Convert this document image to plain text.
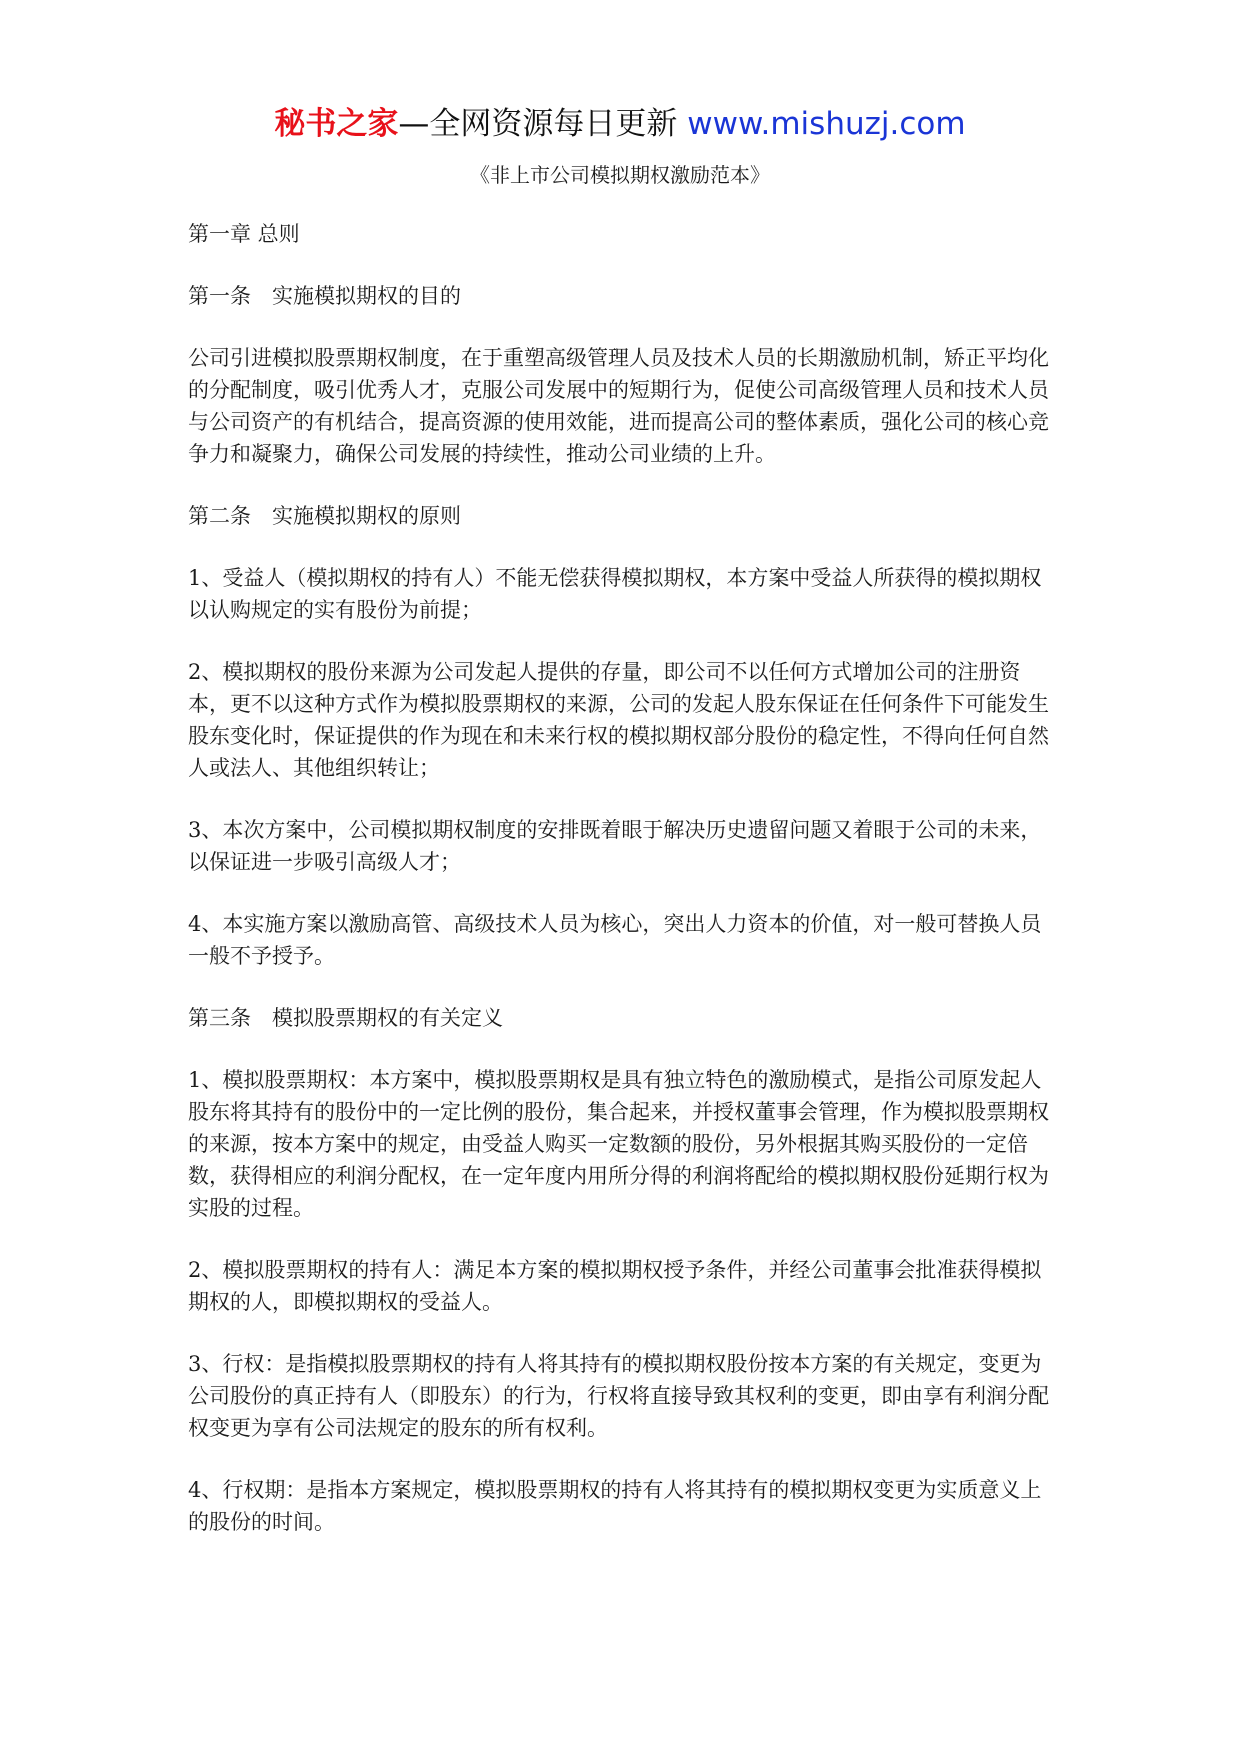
秘书之家—全网资源每日更新 www.mishuzj.com
《非上市公司模拟期权激励范本》

第一章 总则

第一条　实施模拟期权的目的

公司引进模拟股票期权制度，在于重塑高级管理人员及技术人员的长期激励机制，矫正平均化的分配制度，吸引优秀人才，克服公司发展中的短期行为，促使公司高级管理人员和技术人员与公司资产的有机结合，提高资源的使用效能，进而提高公司的整体素质，强化公司的核心竞争力和凝聚力，确保公司发展的持续性，推动公司业绩的上升。

第二条　实施模拟期权的原则

1、受益人（模拟期权的持有人）不能无偿获得模拟期权，本方案中受益人所获得的模拟期权以认购规定的实有股份为前提；

2、模拟期权的股份来源为公司发起人提供的存量，即公司不以任何方式增加公司的注册资本，更不以这种方式作为模拟股票期权的来源，公司的发起人股东保证在任何条件下可能发生股东变化时，保证提供的作为现在和未来行权的模拟期权部分股份的稳定性，不得向任何自然人或法人、其他组织转让；

3、本次方案中，公司模拟期权制度的安排既着眼于解决历史遗留问题又着眼于公司的未来，以保证进一步吸引高级人才；

4、本实施方案以激励高管、高级技术人员为核心，突出人力资本的价值，对一般可替换人员一般不予授予。

第三条　模拟股票期权的有关定义

1、模拟股票期权：本方案中，模拟股票期权是具有独立特色的激励模式，是指公司原发起人股东将其持有的股份中的一定比例的股份，集合起来，并授权董事会管理，作为模拟股票期权的来源，按本方案中的规定，由受益人购买一定数额的股份，另外根据其购买股份的一定倍数，获得相应的利润分配权，在一定年度内用所分得的利润将配给的模拟期权股份延期行权为实股的过程。

2、模拟股票期权的持有人：满足本方案的模拟期权授予条件，并经公司董事会批准获得模拟期权的人，即模拟期权的受益人。

3、行权：是指模拟股票期权的持有人将其持有的模拟期权股份按本方案的有关规定，变更为公司股份的真正持有人（即股东）的行为，行权将直接导致其权利的变更，即由享有利润分配权变更为享有公司法规定的股东的所有权利。

4、行权期：是指本方案规定，模拟股票期权的持有人将其持有的模拟期权变更为实质意义上的股份的时间。
